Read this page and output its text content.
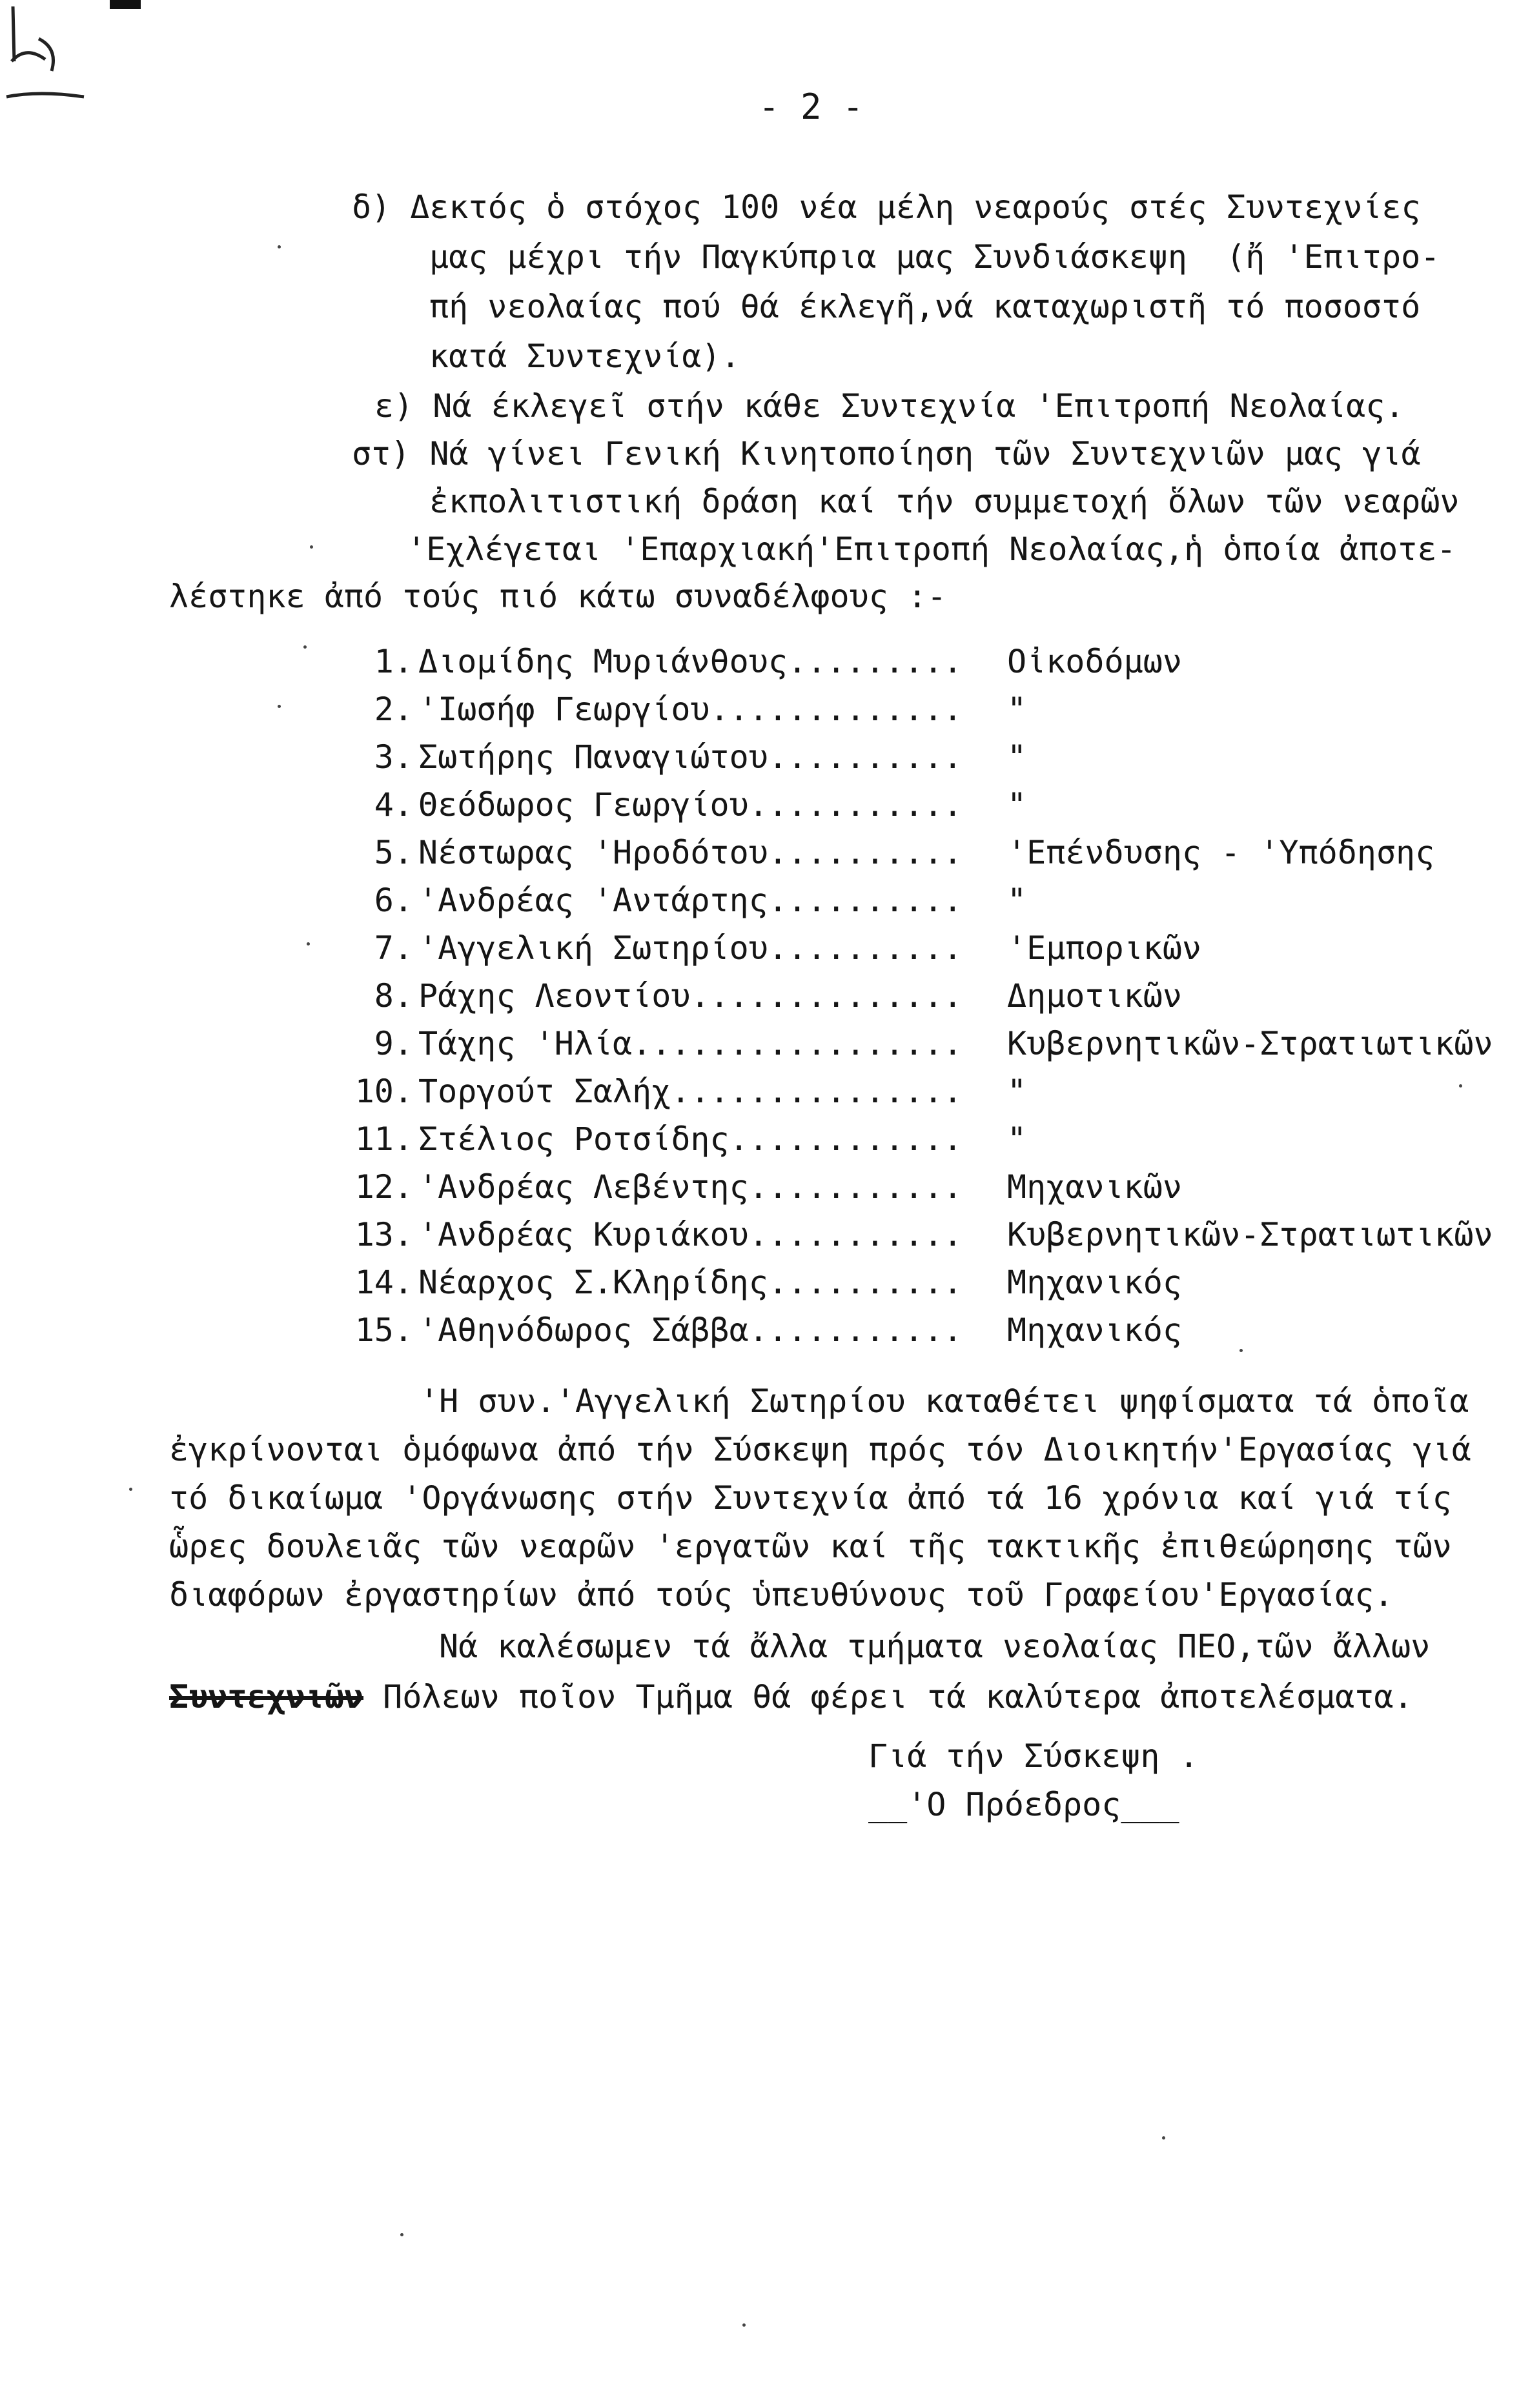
- 2 -
δ) Δεκτός ὁ στόχος 100 νέα μέλη νεαρούς στές Συντεχνίες
μας μέχρι τήν Παγκύπρια μας Συνδιάσκεψη  (ἤ 'Επιτρο-
πή νεολαίας πού θά έκλεγῆ,νά καταχωριστῆ τό ποσοστό
κατά Συντεχνία).
ε) Νά έκλεγεῖ στήν κάθε Συντεχνία 'Επιτροπή Νεολαίας.
στ) Νά γίνει Γενική Κινητοποίηση τῶν Συντεχνιῶν μας γιά
ἐκπολιτιστική δράση καί τήν συμμετοχή ὅλων τῶν νεαρῶν
'Εχλέγεται 'Επαρχιακή'Επιτροπή Νεολαίας,ἡ ὁποία ἀποτε-
λέστηκε ἀπό τούς πιό κάτω συναδέλφους :-
1. Διομίδης Μυριάνθους......... Οἰκοδόμων
2. 'Ιωσήφ Γεωργίου............. "
3. Σωτήρης Παναγιώτου.......... "
4. Θεόδωρος Γεωργίου........... "
5. Νέστωρας 'Ηροδότου.......... 'Επένδυσης - 'Υπόδησης
6. 'Ανδρέας 'Αντάρτης.......... "
7. 'Αγγελική Σωτηρίου.......... 'Εμπορικῶν
8. Ράχης Λεοντίου.............. Δημοτικῶν
9. Τάχης 'Ηλία................. Κυβερνητικῶν-Στρατιωτικῶν
10. Τοργούτ Σαλήχ............... "
11. Στέλιος Ροτσίδης............ "
12. 'Ανδρέας Λεβέντης........... Μηχανικῶν
13. 'Ανδρέας Κυριάκου........... Κυβερνητικῶν-Στρατιωτικῶν
14. Νέαρχος Σ.Κληρίδης.......... Μηχανικός
15. 'Αθηνόδωρος Σάββα........... Μηχανικός
'Η συν.'Αγγελική Σωτηρίου καταθέτει ψηφίσματα τά ὁποῖα
ἐγκρίνονται ὁμόφωνα ἀπό τήν Σύσκεψη πρός τόν Διοικητήν'Εργασίας γιά
τό δικαίωμα 'Οργάνωσης στήν Συντεχνία ἀπό τά 16 χρόνια καί γιά τίς
ὧρες δουλειᾶς τῶν νεαρῶν 'εργατῶν καί τῆς τακτικῆς ἐπιθεώρησης τῶν
διαφόρων ἐργαστηρίων ἀπό τούς ὑπευθύνους τοῦ Γραφείου'Εργασίας.
Νά καλέσωμεν τά ἄλλα τμήματα νεολαίας ΠΕΟ,τῶν ἄλλων
Συντεχνιῶν Πόλεων ποῖον Τμῆμα θά φέρει τά καλύτερα ἀποτελέσματα.
Γιά τήν Σύσκεψη .
__'Ο Πρόεδρος___
